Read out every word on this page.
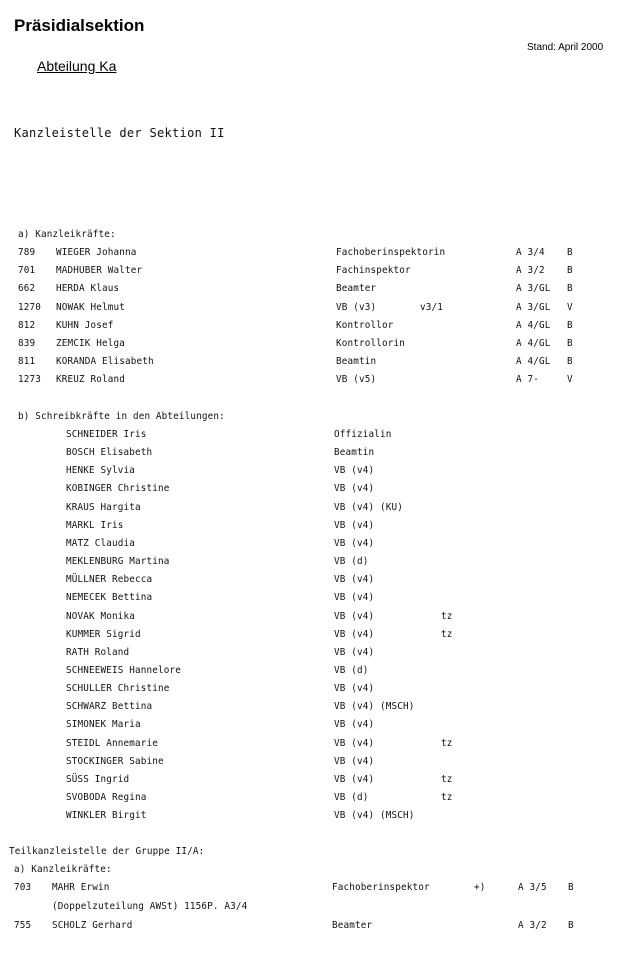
Präsidialsektion
Stand: April 2000
Abteilung Ka
Kanzleistelle der Sektion II
a) Kanzleikräfte:
789 WIEGER Johanna	Fachoberinspektorin	A 3/4 B
701 MADHUBER Walter	Fachinspektor	A 3/2 B
662 HERDA Klaus	Beamter	A 3/GL B
1270 NOWAK Helmut	VB (v3)	v3/1	A 3/GL V
812 KUHN Josef	Kontrollor	A 4/GL B
839 ZEMCIK Helga	Kontrollorin	A 4/GL B
811 KORANDA Elisabeth	Beamtin	A 4/GL B
1273 KREUZ Roland	VB (v5)	A 7-	V
b) Schreibkräfte in den Abteilungen:
SCHNEIDER Iris	Offizialin
BOSCH Elisabeth	Beamtin
HENKE Sylvia	VB (v4)
KOBINGER Christine	VB (v4)
KRAUS Hargita	VB (v4) (KU)
MARKL Iris	VB (v4)
MATZ Claudia	VB (v4)
MEKLENBURG Martina	VB (d)
MÜLLNER Rebecca	VB (v4)
NEMECEK Bettina	VB (v4)
NOVAK Monika	VB (v4)	tz
KUMMER Sigrid	VB (v4)	tz
RATH Roland	VB (v4)
SCHNEEWEIS Hannelore	VB (d)
SCHULLER Christine	VB (v4)
SCHWARZ Bettina	VB (v4) (MSCH)
SIMONEK Maria	VB (v4)
STEIDL Annemarie	VB (v4)	tz
STOCKINGER Sabine	VB (v4)
SÜSS Ingrid	VB (v4)	tz
SVOBODA Regina	VB (d)	tz
WINKLER Birgit	VB (v4) (MSCH)
Teilkanzleistelle der Gruppe II/A:
a) Kanzleikräfte:
703 MAHR Erwin	Fachoberinspektor	+)	A 3/5 B
(Doppelzuteilung AWSt) 1156P. A3/4
755 SCHOLZ Gerhard	Beamter	A 3/2 B
